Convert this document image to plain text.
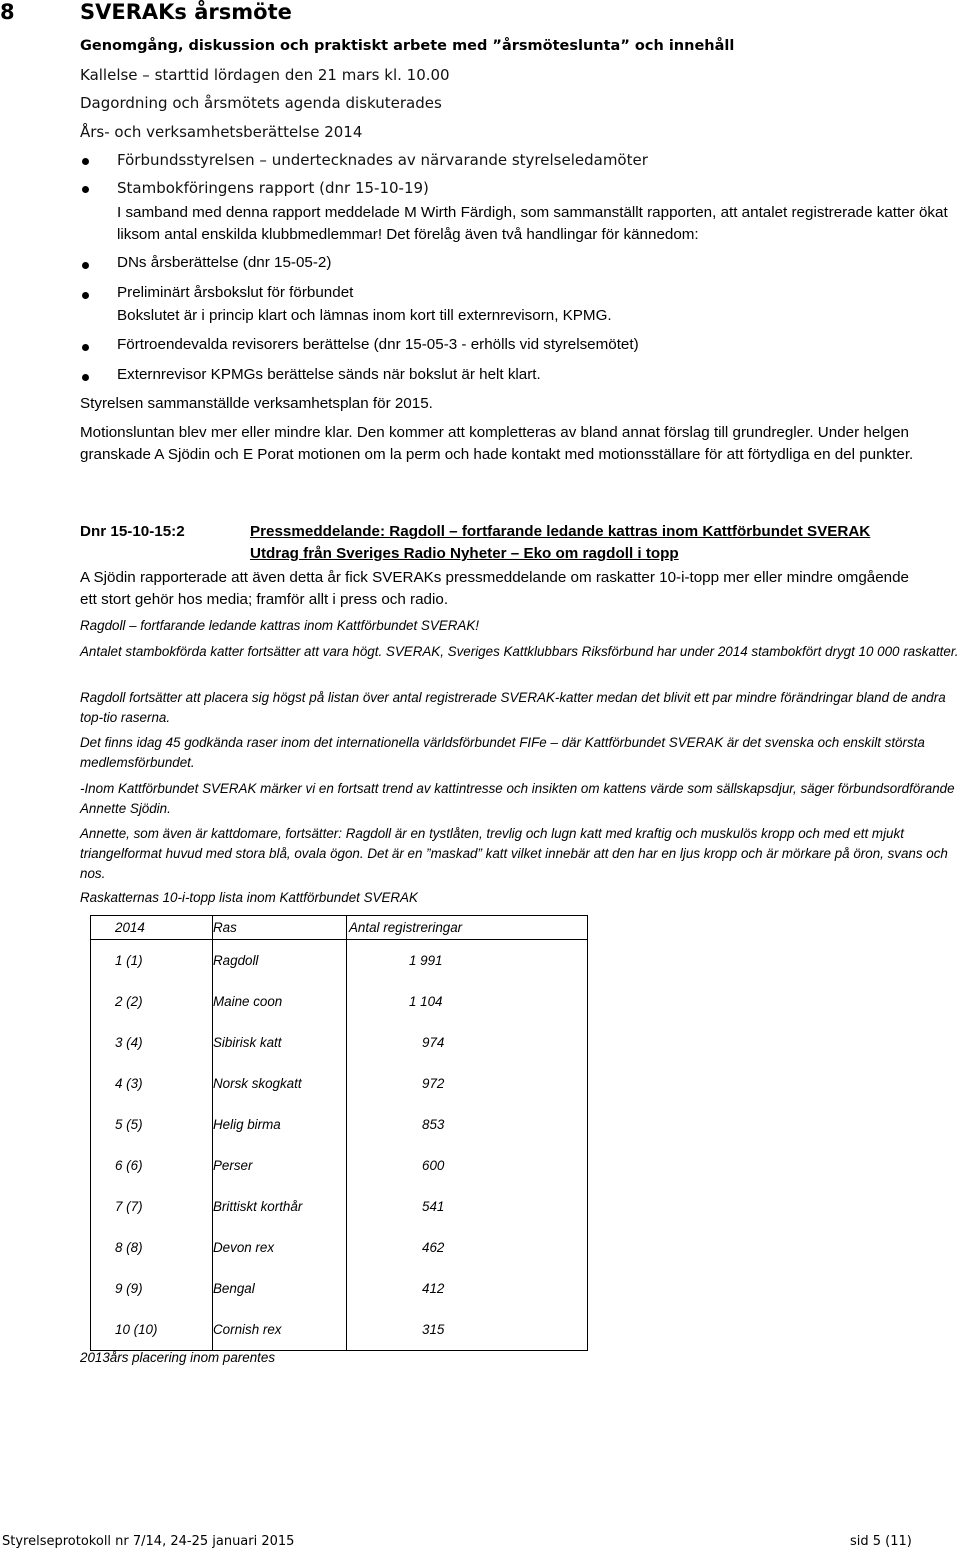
8	SVERAKs årsmöte
Genomgång, diskussion och praktiskt arbete med ”årsmöteslunta” och innehåll
Kallelse – starttid lördagen den 21 mars kl. 10.00
Dagordning och årsmötets agenda diskuterades
Års- och verksamhetsberättelse 2014
Förbundsstyrelsen – undertecknades av närvarande styrelseledamöter
Stambokföringens rapport (dnr 15-10-19)
I samband med denna rapport meddelade M Wirth Färdigh, som sammanställt rapporten, att antalet registrerade katter ökat liksom antal enskilda klubbmedlemmar! Det förelåg även två handlingar för kännedom:
DNs årsberättelse (dnr 15-05-2)
Preliminärt årsbokslut för förbundet
Bokslutet är i princip klart och lämnas inom kort till externrevisorn, KPMG.
Förtroendevalda revisorers berättelse (dnr 15-05-3 - erhölls vid styrelsemötet)
Externrevisor KPMGs berättelse sänds när bokslut är helt klart.
Styrelsen sammanställde verksamhetsplan för 2015.
Motionsluntan blev mer eller mindre klar. Den kommer att kompletteras av bland annat förslag till grundregler. Under helgen granskade A Sjödin och E Porat motionen om la perm och hade kontakt med motionsställare för att förtydliga en del punkter.
Dnr 15-10-15:2	Pressmeddelande: Ragdoll – fortfarande ledande kattras inom Kattförbundet SVERAK
Utdrag från Sveriges Radio Nyheter – Eko om ragdoll i topp
A Sjödin rapporterade att även detta år fick SVERAKs pressmeddelande om raskatter 10-i-topp mer eller mindre omgående ett stort gehör hos media; framför allt i press och radio.
Ragdoll – fortfarande ledande kattras inom Kattförbundet SVERAK!
Antalet stambokförda katter fortsätter att vara högt. SVERAK, Sveriges Kattklubbars Riksförbund har under 2014 stambokfört drygt 10 000 raskatter.
Ragdoll fortsätter att placera sig högst på listan över antal registrerade SVERAK-katter medan det blivit ett par mindre förändringar bland de andra top-tio raserna.
Det finns idag 45 godkända raser inom det internationella världsförbundet FIFe – där Kattförbundet SVERAK är det svenska och enskilt största medlemsförbundet.
-Inom Kattförbundet SVERAK märker vi en fortsatt trend av kattintresse och insikten om kattens värde som sällskapsdjur, säger förbundsordförande Annette Sjödin.
Annette, som även är kattdomare, fortsätter: Ragdoll är en tystlåten, trevlig och lugn katt med kraftig och muskulös kropp och med ett mjukt triangelformat huvud med stora blå, ovala ögon. Det är en ”maskad” katt vilket innebär att den har en ljus kropp och är mörkare på öron, svans och nos.
Raskatternas 10-i-topp lista inom Kattförbundet SVERAK
2014	Ras	Antal registreringar
1 (1)	Ragdoll	1 991
2 (2)	Maine coon	1 104
3 (4)	Sibirisk katt	974
4 (3)	Norsk skogkatt	972
5 (5)	Helig birma	853
6 (6)	Perser	600
7 (7)	Brittiskt korthår	541
8 (8)	Devon rex	462
9 (9)	Bengal	412
10 (10)	Cornish rex	315
2013års placering inom parentes
Styrelseprotokoll nr 7/14, 24-25 januari 2015	sid 5 (11)
